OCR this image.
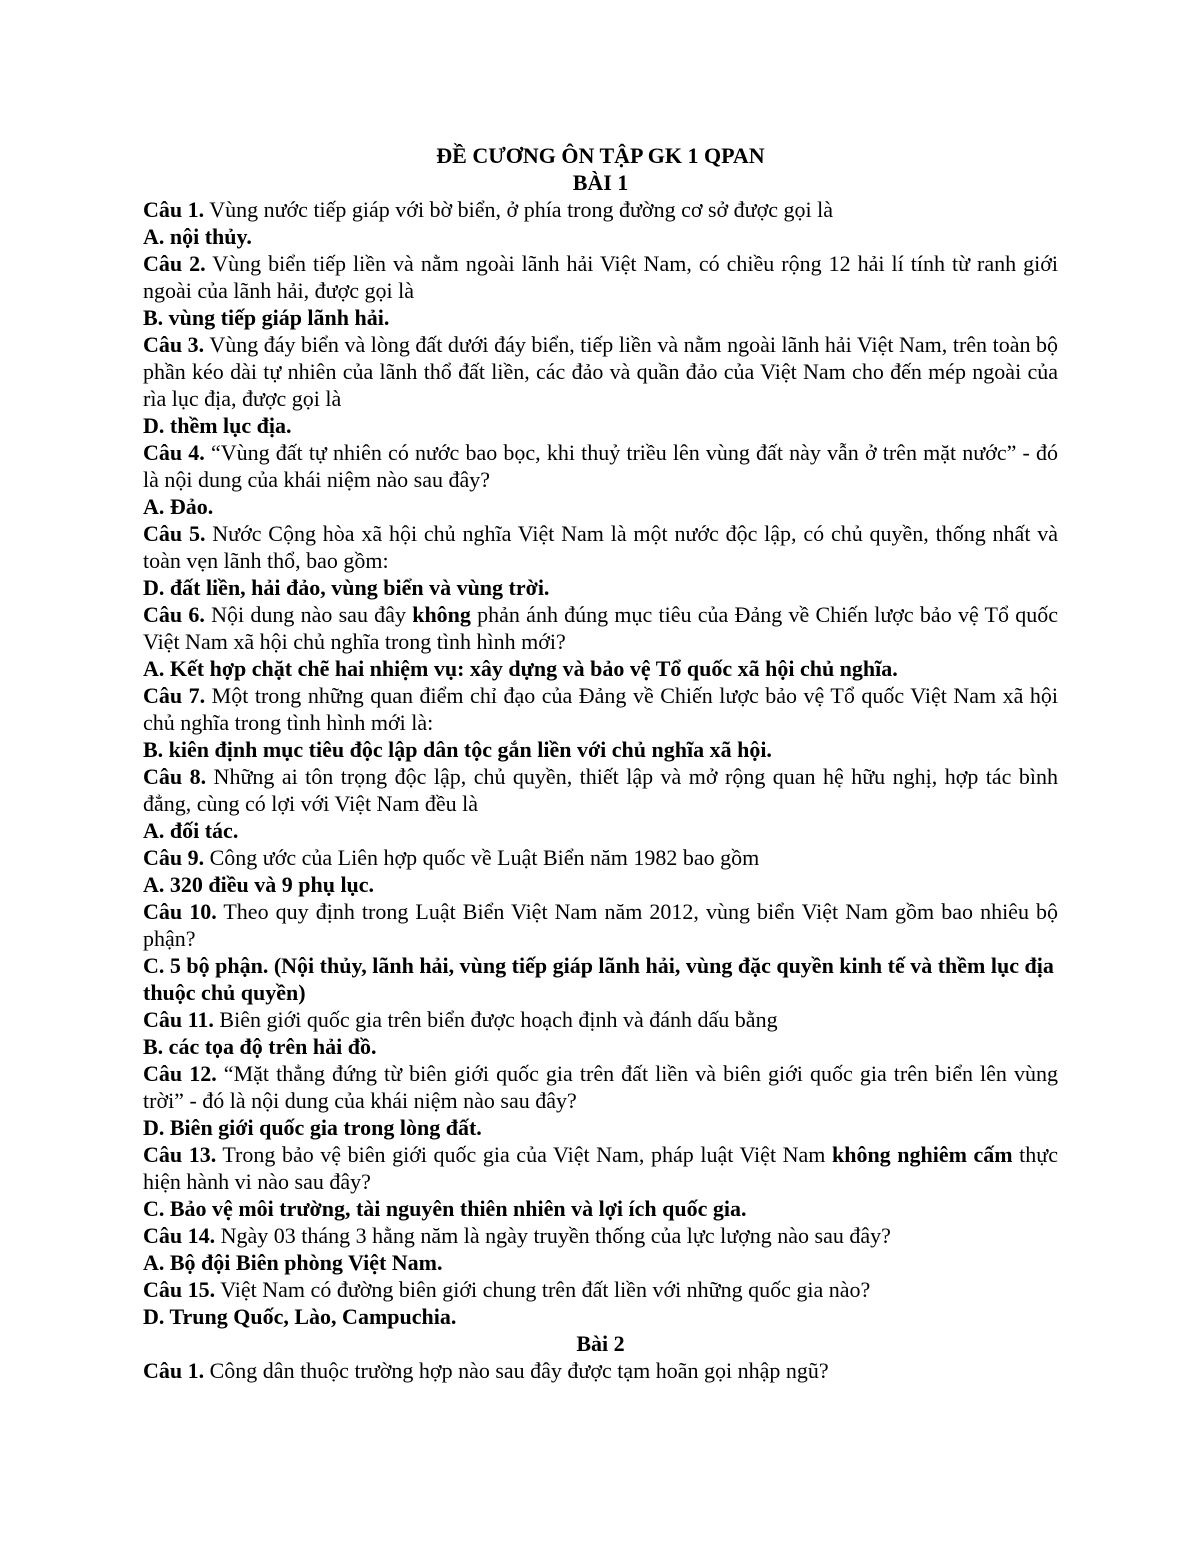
ĐỀ CƯƠNG ÔN TẬP GK 1 QPAN

BÀI 1

Câu 1. Vùng nước tiếp giáp với bờ biển, ở phía trong đường cơ sở được gọi là

A. nội thủy.

Câu 2. Vùng biển tiếp liền và nằm ngoài lãnh hải Việt Nam, có chiều rộng 12 hải lí tính từ ranh giới ngoài của lãnh hải, được gọi là

B. vùng tiếp giáp lãnh hải.

Câu 3. Vùng đáy biển và lòng đất dưới đáy biển, tiếp liền và nằm ngoài lãnh hải Việt Nam, trên toàn bộ phần kéo dài tự nhiên của lãnh thổ đất liền, các đảo và quần đảo của Việt Nam cho đến mép ngoài của rìa lục địa, được gọi là

D. thềm lục địa.

Câu 4. “Vùng đất tự nhiên có nước bao bọc, khi thuỷ triều lên vùng đất này vẫn ở trên mặt nước” - đó là nội dung của khái niệm nào sau đây?

A. Đảo.

Câu 5. Nước Cộng hòa xã hội chủ nghĩa Việt Nam là một nước độc lập, có chủ quyền, thống nhất và toàn vẹn lãnh thổ, bao gồm:

D. đất liền, hải đảo, vùng biển và vùng trời.

Câu 6. Nội dung nào sau đây không phản ánh đúng mục tiêu của Đảng về Chiến lược bảo vệ Tổ quốc Việt Nam xã hội chủ nghĩa trong tình hình mới?

A. Kết hợp chặt chẽ hai nhiệm vụ: xây dựng và bảo vệ Tổ quốc xã hội chủ nghĩa.

Câu 7. Một trong những quan điểm chỉ đạo của Đảng về Chiến lược bảo vệ Tổ quốc Việt Nam xã hội chủ nghĩa trong tình hình mới là:

B. kiên định mục tiêu độc lập dân tộc gắn liền với chủ nghĩa xã hội.

Câu 8. Những ai tôn trọng độc lập, chủ quyền, thiết lập và mở rộng quan hệ hữu nghị, hợp tác bình đẳng, cùng có lợi với Việt Nam đều là

A. đối tác.

Câu 9. Công ước của Liên hợp quốc về Luật Biển năm 1982 bao gồm

A. 320 điều và 9 phụ lục.

Câu 10. Theo quy định trong Luật Biển Việt Nam năm 2012, vùng biển Việt Nam gồm bao nhiêu bộ phận?

C. 5 bộ phận. (Nội thủy, lãnh hải, vùng tiếp giáp lãnh hải, vùng đặc quyền kinh tế và thềm lục địa thuộc chủ quyền)

Câu 11. Biên giới quốc gia trên biển được hoạch định và đánh dấu bằng

B. các tọa độ trên hải đồ.

Câu 12. “Mặt thẳng đứng từ biên giới quốc gia trên đất liền và biên giới quốc gia trên biển lên vùng trời” - đó là nội dung của khái niệm nào sau đây?

D. Biên giới quốc gia trong lòng đất.

Câu 13. Trong bảo vệ biên giới quốc gia của Việt Nam, pháp luật Việt Nam không nghiêm cấm thực hiện hành vi nào sau đây?

C. Bảo vệ môi trường, tài nguyên thiên nhiên và lợi ích quốc gia.

Câu 14. Ngày 03 tháng 3 hằng năm là ngày truyền thống của lực lượng nào sau đây?

A. Bộ đội Biên phòng Việt Nam.

Câu 15. Việt Nam có đường biên giới chung trên đất liền với những quốc gia nào?

D. Trung Quốc, Lào, Campuchia.

Bài 2

Câu 1. Công dân thuộc trường hợp nào sau đây được tạm hoãn gọi nhập ngũ?
